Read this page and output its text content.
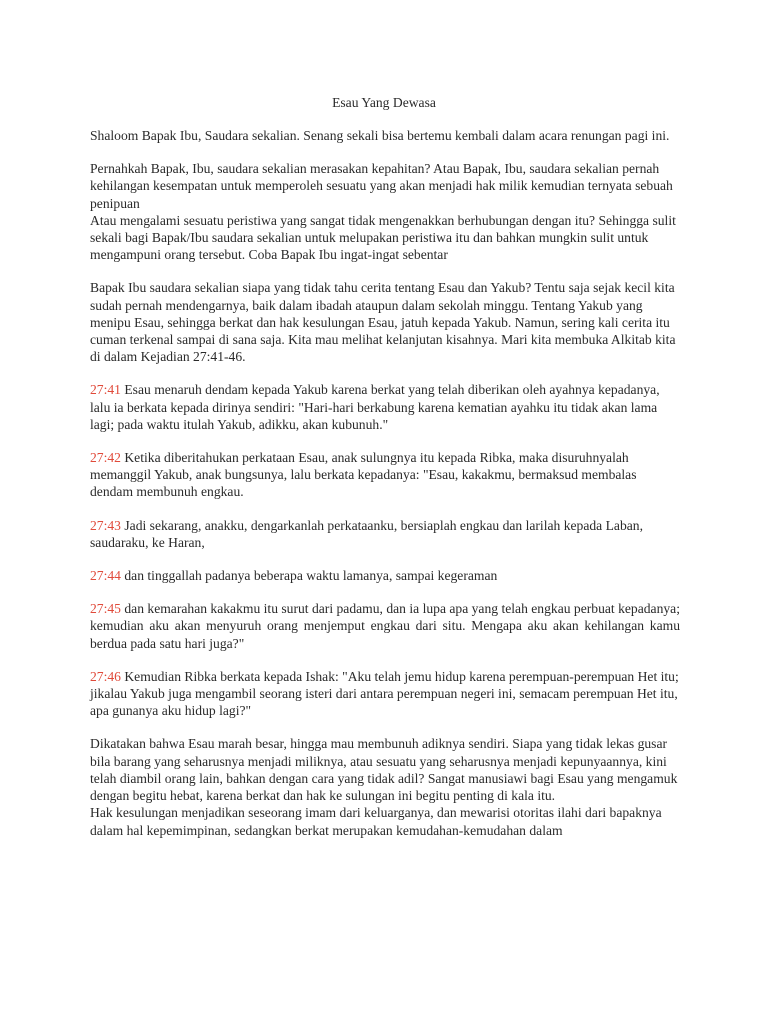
Esau Yang Dewasa

Shaloom Bapak Ibu, Saudara sekalian. Senang sekali bisa bertemu kembali dalam acara renungan pagi ini.

Pernahkah Bapak, Ibu, saudara sekalian merasakan kepahitan? Atau Bapak, Ibu, saudara sekalian pernah kehilangan kesempatan untuk memperoleh sesuatu yang akan menjadi hak milik kemudian ternyata sebuah penipuan

Atau mengalami sesuatu peristiwa yang sangat tidak mengenakkan berhubungan dengan itu? Sehingga sulit sekali bagi Bapak/Ibu saudara sekalian untuk melupakan peristiwa itu dan bahkan mungkin sulit untuk mengampuni orang tersebut. Coba Bapak Ibu ingat-ingat sebentar

Bapak Ibu saudara sekalian siapa yang tidak tahu cerita tentang Esau dan Yakub? Tentu saja sejak kecil kita sudah pernah mendengarnya, baik dalam ibadah ataupun dalam sekolah minggu. Tentang Yakub yang menipu Esau, sehingga berkat dan hak kesulungan Esau, jatuh kepada Yakub. Namun, sering kali cerita itu cuman terkenal sampai di sana saja. Kita mau melihat kelanjutan kisahnya. Mari kita membuka Alkitab kita di dalam Kejadian 27:41-46.

27:41 Esau menaruh dendam kepada Yakub karena berkat yang telah diberikan oleh ayahnya kepadanya, lalu ia berkata kepada dirinya sendiri: "Hari-hari berkabung karena kematian ayahku itu tidak akan lama lagi; pada waktu itulah Yakub, adikku, akan kubunuh."

27:42 Ketika diberitahukan perkataan Esau, anak sulungnya itu kepada Ribka, maka disuruhnyalah memanggil Yakub, anak bungsunya, lalu berkata kepadanya: "Esau, kakakmu, bermaksud membalas dendam membunuh engkau.

27:43 Jadi sekarang, anakku, dengarkanlah perkataanku, bersiaplah engkau dan larilah kepada Laban, saudaraku, ke Haran,

27:44 dan tinggallah padanya beberapa waktu lamanya, sampai kegeraman

27:45 dan kemarahan kakakmu itu surut dari padamu, dan ia lupa apa yang telah engkau perbuat kepadanya; kemudian aku akan menyuruh orang menjemput engkau dari situ. Mengapa aku akan kehilangan kamu berdua pada satu hari juga?"

27:46 Kemudian Ribka berkata kepada Ishak: "Aku telah jemu hidup karena perempuan-perempuan Het itu; jikalau Yakub juga mengambil seorang isteri dari antara perempuan negeri ini, semacam perempuan Het itu, apa gunanya aku hidup lagi?"

Dikatakan bahwa Esau marah besar, hingga mau membunuh adiknya sendiri. Siapa yang tidak lekas gusar bila barang yang seharusnya menjadi miliknya, atau sesuatu yang seharusnya menjadi kepunyaannya, kini telah diambil orang lain, bahkan dengan cara yang tidak adil? Sangat manusiawi bagi Esau yang mengamuk dengan begitu hebat, karena berkat dan hak ke sulungan ini begitu penting di kala itu.

Hak kesulungan menjadikan seseorang imam dari keluarganya, dan mewarisi otoritas ilahi dari bapaknya dalam hal kepemimpinan, sedangkan berkat merupakan kemudahan-kemudahan dalam
